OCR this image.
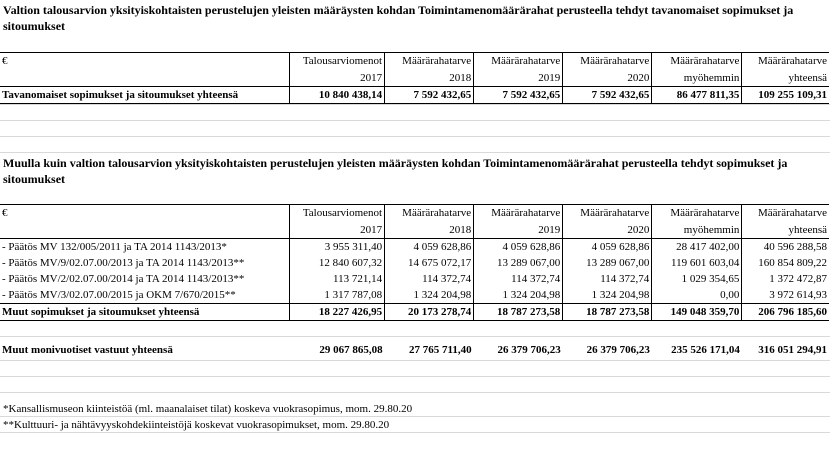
Valtion talousarvion yksityiskohtaisten perustelujen yleisten määräysten kohdan Toimintamenomäärärahat perusteella tehdyt tavanomaiset sopimukset ja sitoumukset
€	Talousarviomenot	Määrärahatarve	Määrärahatarve	Määrärahatarve	Määrärahatarve	Määrärahatarve
	2017	2018	2019	2020	myöhemmin	yhteensä
Tavanomaiset sopimukset ja sitoumukset yhteensä	10 840 438,14	7 592 432,65	7 592 432,65	7 592 432,65	86 477 811,35	109 255 109,31
Muulla kuin valtion talousarvion yksityiskohtaisten perustelujen yleisten määräysten kohdan Toimintamenomäärärahat perusteella tehdyt sopimukset ja sitoumukset
€	Talousarviomenot	Määrärahatarve	Määrärahatarve	Määrärahatarve	Määrärahatarve	Määrärahatarve
	2017	2018	2019	2020	myöhemmin	yhteensä
- Päätös MV 132/005/2011 ja TA 2014 1143/2013*	3 955 311,40	4 059 628,86	4 059 628,86	4 059 628,86	28 417 402,00	40 596 288,58
- Päätös MV/9/02.07.00/2013 ja TA 2014 1143/2013**	12 840 607,32	14 675 072,17	13 289 067,00	13 289 067,00	119 601 603,04	160 854 809,22
- Päätös MV/2/02.07.00/2014 ja TA 2014 1143/2013**	113 721,14	114 372,74	114 372,74	114 372,74	1 029 354,65	1 372 472,87
- Päätös MV/3/02.07.00/2015 ja OKM 7/670/2015**	1 317 787,08	1 324 204,98	1 324 204,98	1 324 204,98	0,00	3 972 614,93
Muut sopimukset ja sitoumukset yhteensä	18 227 426,95	20 173 278,74	18 787 273,58	18 787 273,58	149 048 359,70	206 796 185,60
Muut monivuotiset vastuut yhteensä	29 067 865,08	27 765 711,40	26 379 706,23	26 379 706,23	235 526 171,04	316 051 294,91
*Kansallismuseon kiinteistöä (ml. maanalaiset tilat) koskeva vuokrasopimus, mom. 29.80.20
**Kulttuuri- ja nähtävyyskohdekiinteistöjä koskevat vuokrasopimukset, mom. 29.80.20
